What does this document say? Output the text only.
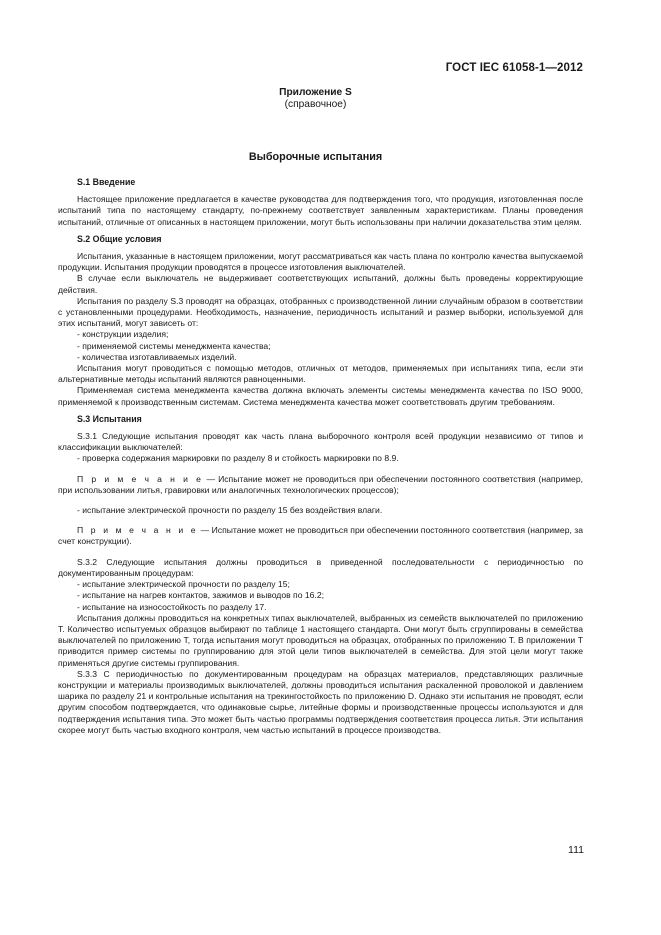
ГОСТ IEC 61058-1—2012
Приложение S
(справочное)
Выборочные испытания
S.1 Введение

Настоящее приложение предлагается в качестве руководства для подтверждения того, что продукция, изготовленная после испытаний типа по настоящему стандарту, по-прежнему соответствует заявленным характеристикам. Планы проведения испытаний, отличные от описанных в настоящем приложении, могут быть использованы при наличии доказательства этим целям.

S.2 Общие условия

Испытания, указанные в настоящем приложении, могут рассматриваться как часть плана по контролю качества выпускаемой продукции. Испытания продукции проводятся в процессе изготовления выключателей.

В случае если выключатель не выдерживает соответствующих испытаний, должны быть проведены корректирующие действия.

Испытания по разделу S.3 проводят на образцах, отобранных с производственной линии случайным образом в соответствии с установленными процедурами. Необходимость, назначение, периодичность испытаний и размер выборки, используемой для этих испытаний, могут зависеть от:

- конструкции изделия;

- применяемой системы менеджмента качества;

- количества изготавливаемых изделий.

Испытания могут проводиться с помощью методов, отличных от методов, применяемых при испытаниях типа, если эти альтернативные методы испытаний являются равноценными.

Применяемая система менеджмента качества должна включать элементы системы менеджмента качества по ISO 9000, применяемой к производственным системам. Система менеджмента качества может соответствовать другим требованиям.

S.3 Испытания

S.3.1 Следующие испытания проводят как часть плана выборочного контроля всей продукции независимо от типов и классификации выключателей:

- проверка содержания маркировки по разделу 8 и стойкость маркировки по 8.9.

П р и м е ч а н и е — Испытание может не проводиться при обеспечении постоянного соответствия (например, при использовании литья, гравировки или аналогичных технологических процессов);

- испытание электрической прочности по разделу 15 без воздействия влаги.

П р и м е ч а н и е — Испытание может не проводиться при обеспечении постоянного соответствия (например, за счет конструкции).

S.3.2 Следующие испытания должны проводиться в приведенной последовательности с периодичностью по документированным процедурам:

- испытание электрической прочности по разделу 15;

- испытание на нагрев контактов, зажимов и выводов по 16.2;

- испытание на износостойкость по разделу 17.

Испытания должны проводиться на конкретных типах выключателей, выбранных из семейств выключателей по приложению T. Количество испытуемых образцов выбирают по таблице 1 настоящего стандарта. Они могут быть сгруппированы в семейства выключателей по приложению T, тогда испытания могут проводиться на образцах, отобранных по приложению T. В приложении T приводится пример системы по группированию для этой цели типов выключателей в семейства. Для этой цели могут также применяться другие системы группирования.

S.3.3 С периодичностью по документированным процедурам на образцах материалов, представляющих различные конструкции и материалы производимых выключателей, должны проводиться испытания раскаленной проволокой и давлением шарика по разделу 21 и контрольные испытания на трекингостойкость по приложению D. Однако эти испытания не проводят, если другим способом подтверждается, что одинаковые сырье, литейные формы и производственные процессы используются и для подтверждения испытания типа. Это может быть частью программы подтверждения соответствия процесса литья. Эти испытания скорее могут быть частью входного контроля, чем частью испытаний в процессе производства.

111
